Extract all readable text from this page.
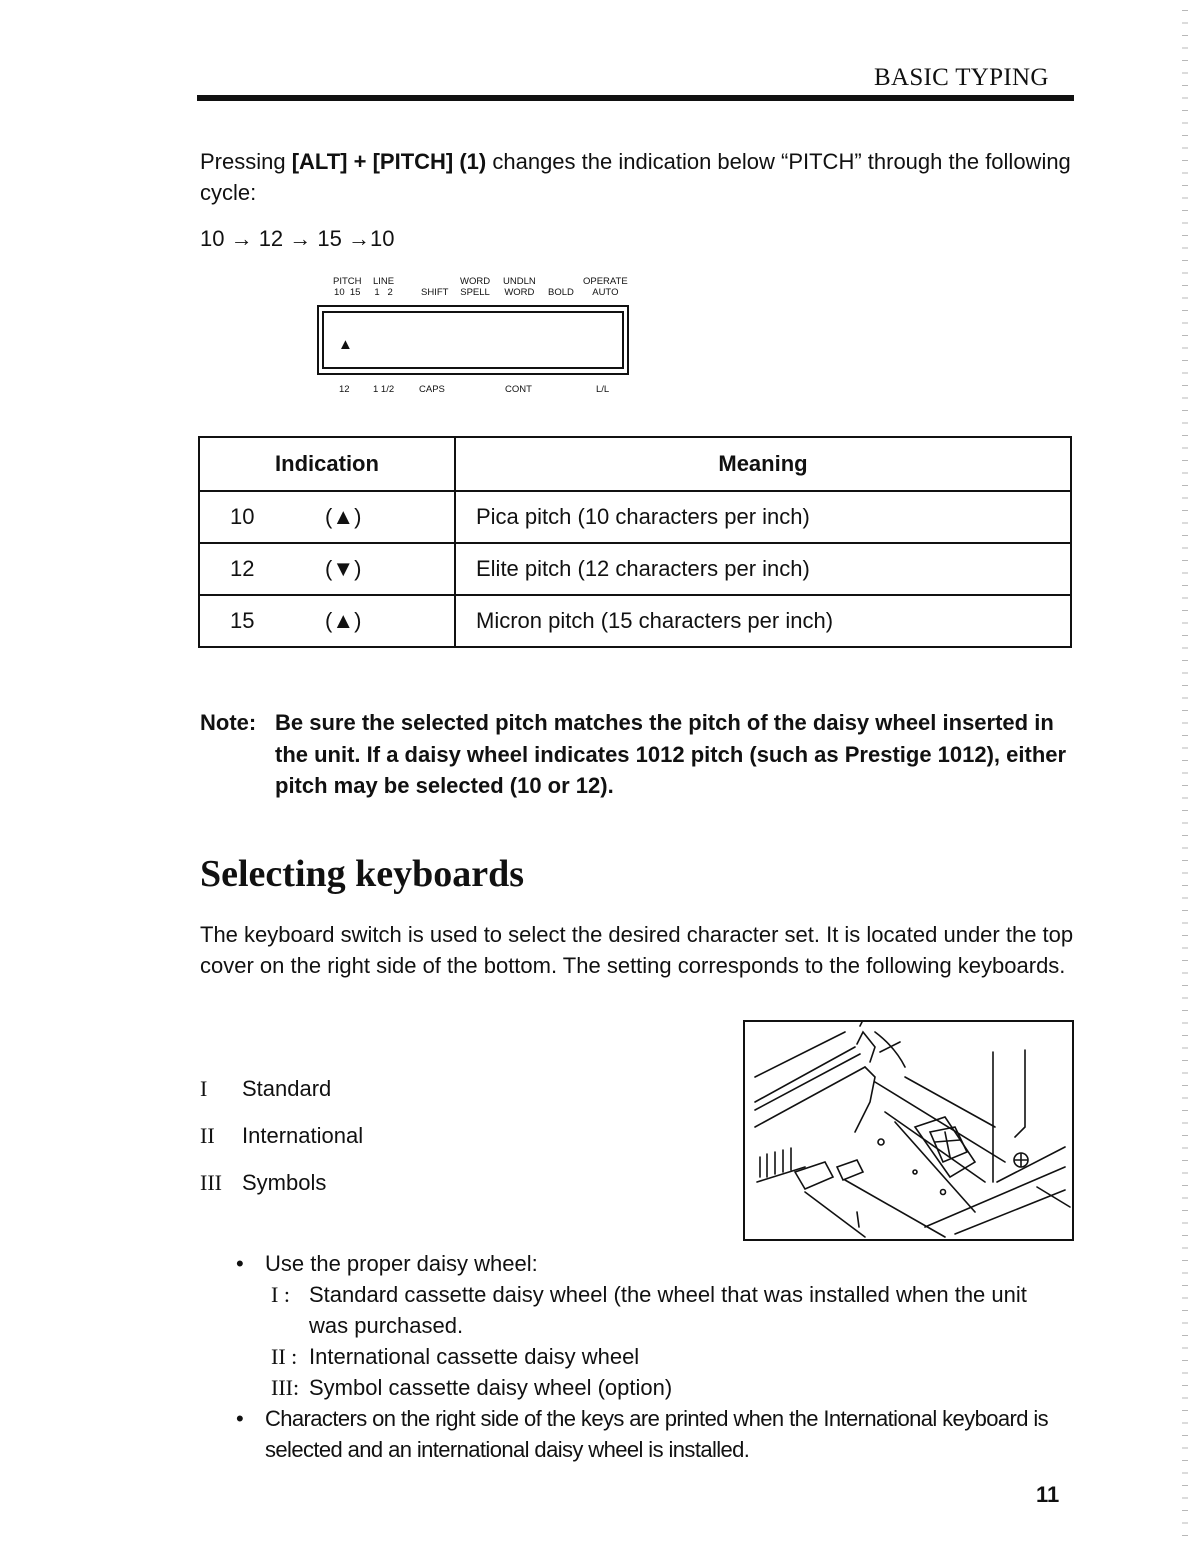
BASIC TYPING
Pressing [ALT] + [PITCH] (1) changes the indication below “PITCH” through the following cycle:
10 → 12 → 15 →10
PITCH
10  15
LINE
1   2
	SHIFT
WORD
SPELL
UNDLN
WORD
BOLD
OPERATE
AUTO
▲
12 1 1/2	CAPS	CONT	L/L
Indication	Meaning
10 (▲)	Pica pitch (10 characters per inch)
12 (▼)	Elite pitch (12 characters per inch)
15 (▲)	Micron pitch (15 characters per inch)
Note: Be sure the selected pitch matches the pitch of the daisy wheel inserted in the unit. If a daisy wheel indicates 1012 pitch (such as Prestige 1012), either pitch may be selected (10 or 12).
Selecting keyboards
The keyboard switch is used to select the desired character set. It is located under the top cover on the right side of the bottom. The setting corresponds to the following keyboards.
I	Standard
II	International
III Symbols
• Use the proper daisy wheel:
I : Standard cassette daisy wheel (the wheel that was installed when the unit was purchased.
II : International cassette daisy wheel
III: Symbol cassette daisy wheel (option)
• Characters on the right side of the keys are printed when the International keyboard is selected and an international daisy wheel is installed.
11
